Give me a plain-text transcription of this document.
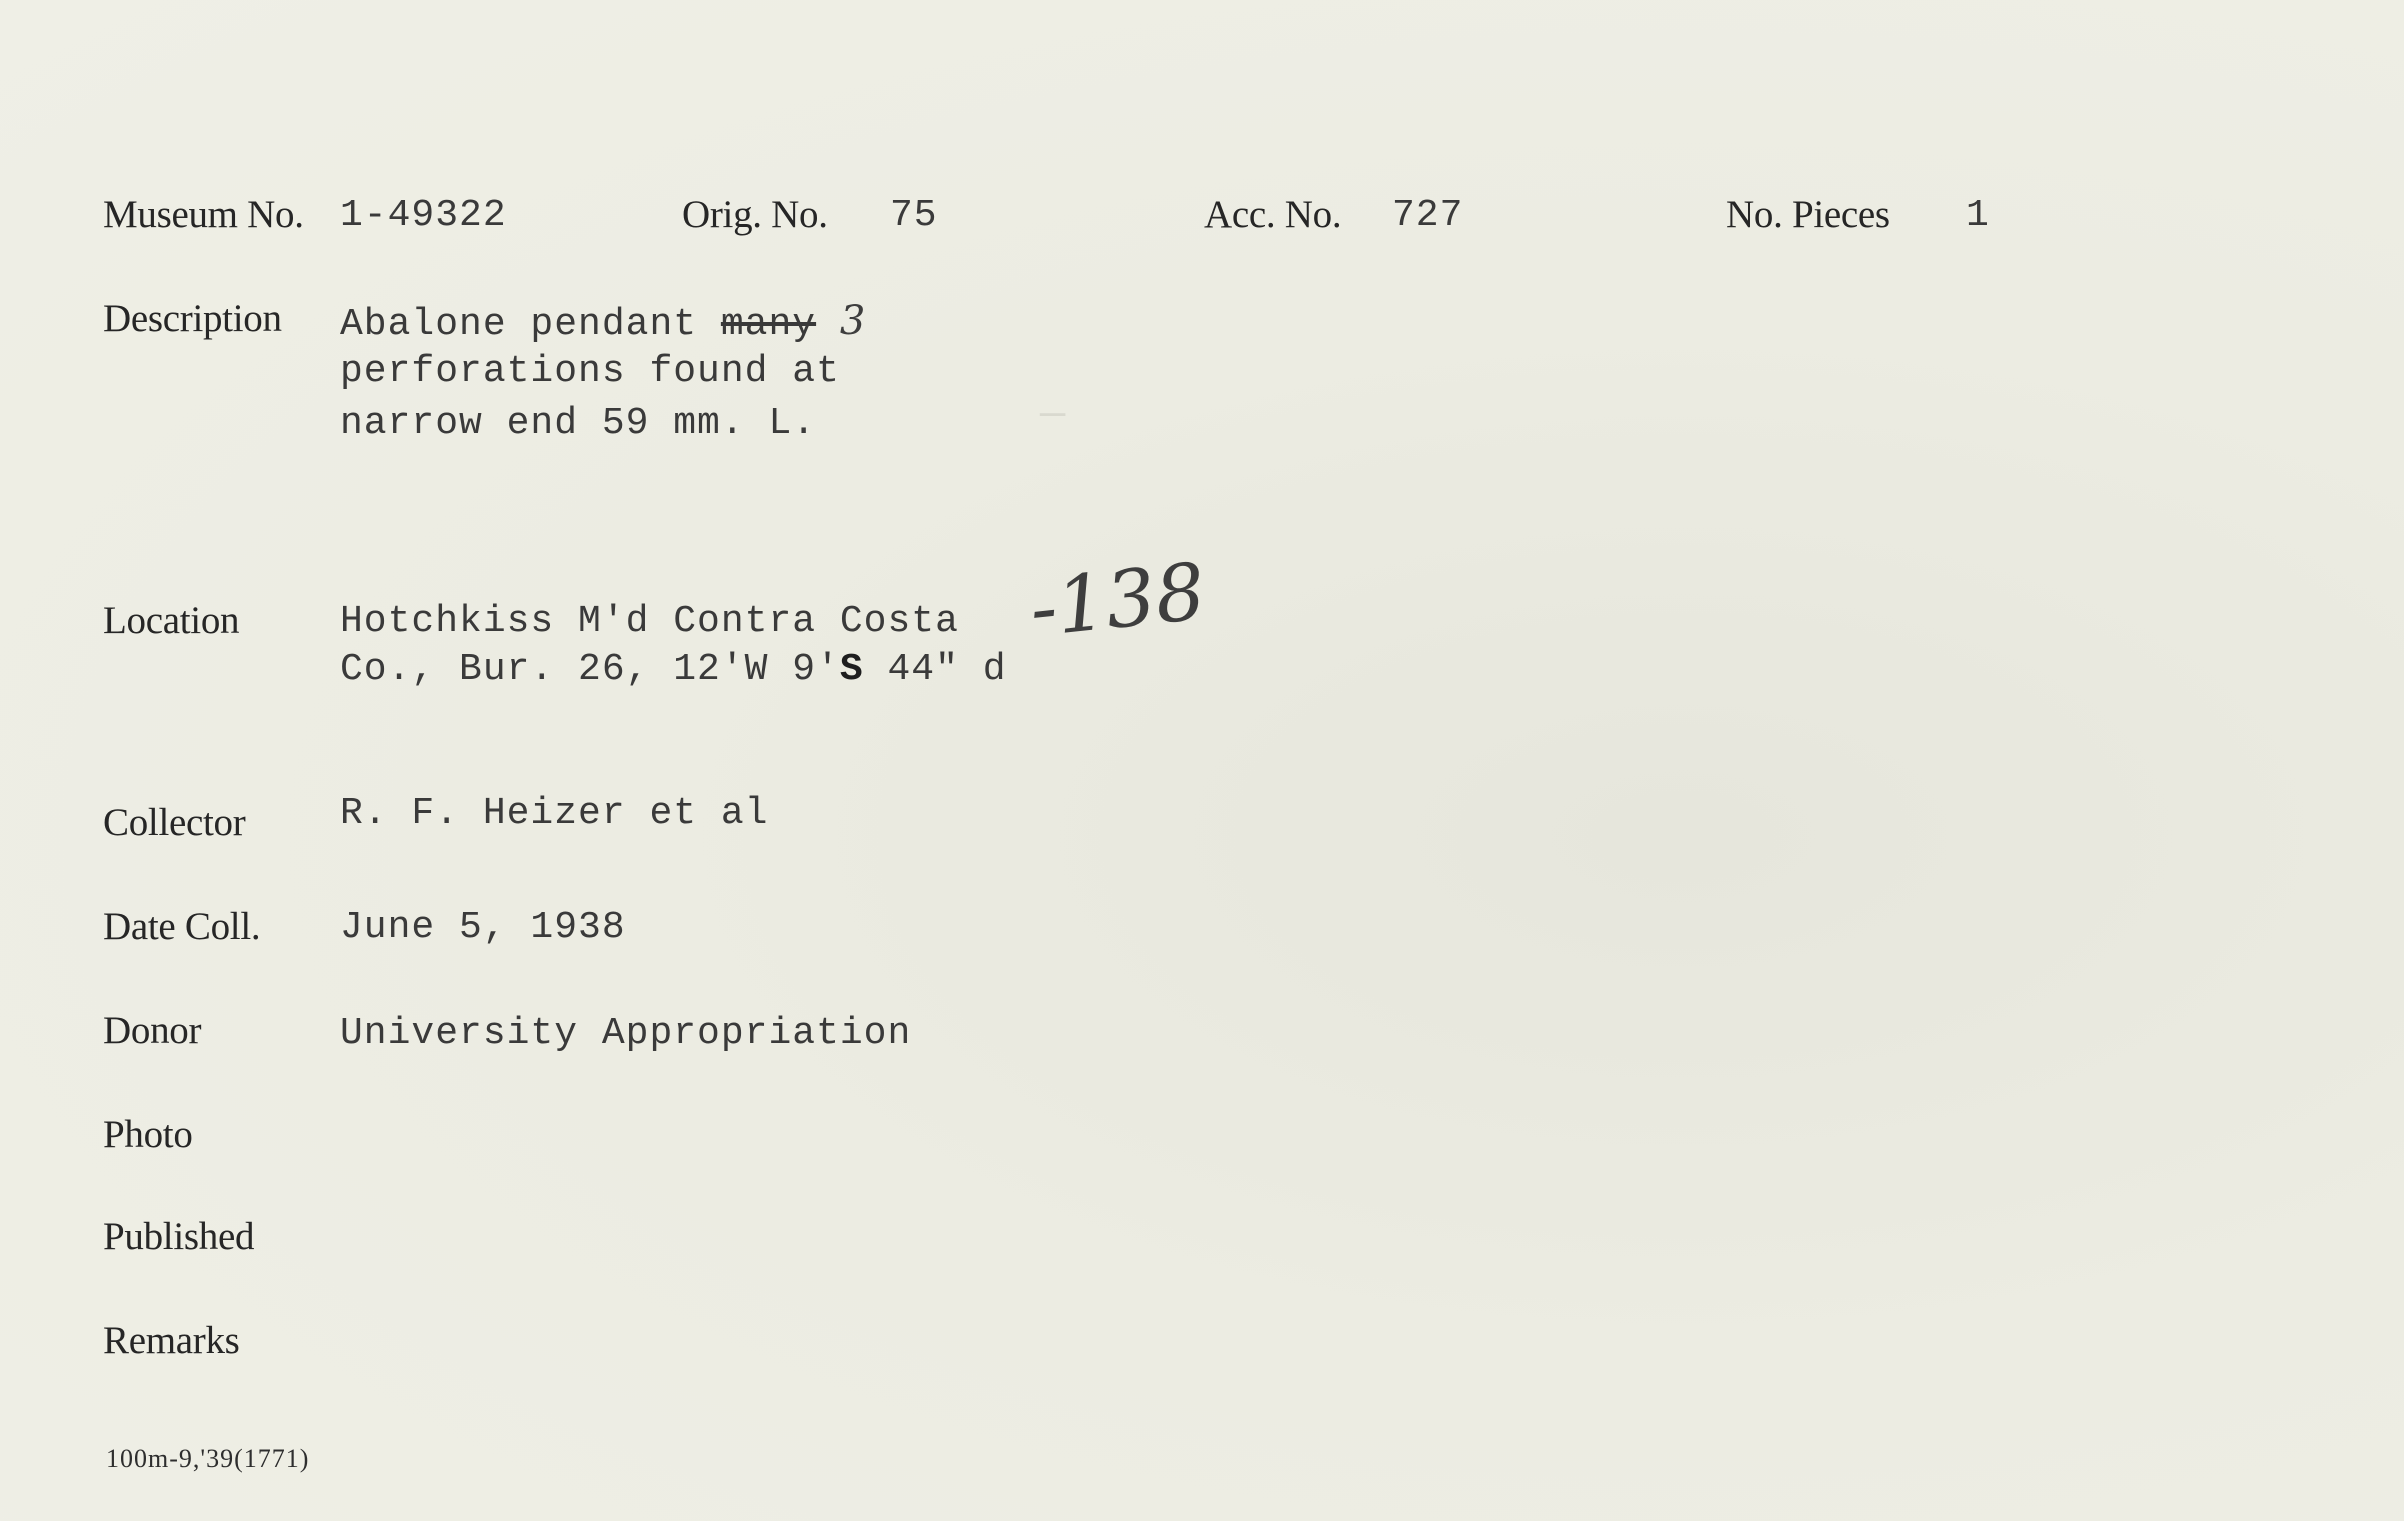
—
Museum No. 1-49322	Orig. No. 75	Acc. No. 727	No. Pieces 1
Description Abalone pendant many 3
perforations found at
narrow end 59 mm. L.
Location	Hotchkiss M'd Contra Costa
Co., Bur. 26, 12'W 9'S 44" d
-138
Collector R. F. Heizer et al
Date Coll. June 5, 1938
Donor	University Appropriation
Photo
Published
Remarks
100m-9,'39(1771)
